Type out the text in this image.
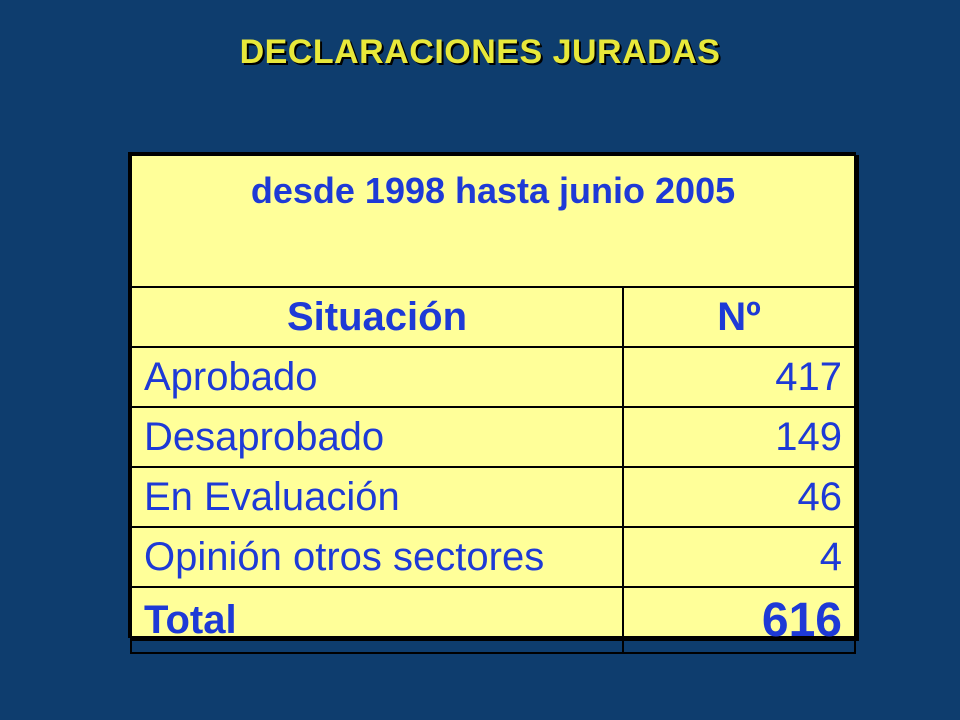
DECLARACIONES JURADAS
desde 1998 hasta junio 2005	
Situación	Nº
Aprobado	417
Desaprobado	149
En Evaluación	46
Opinión otros sectores	4
Total	616
